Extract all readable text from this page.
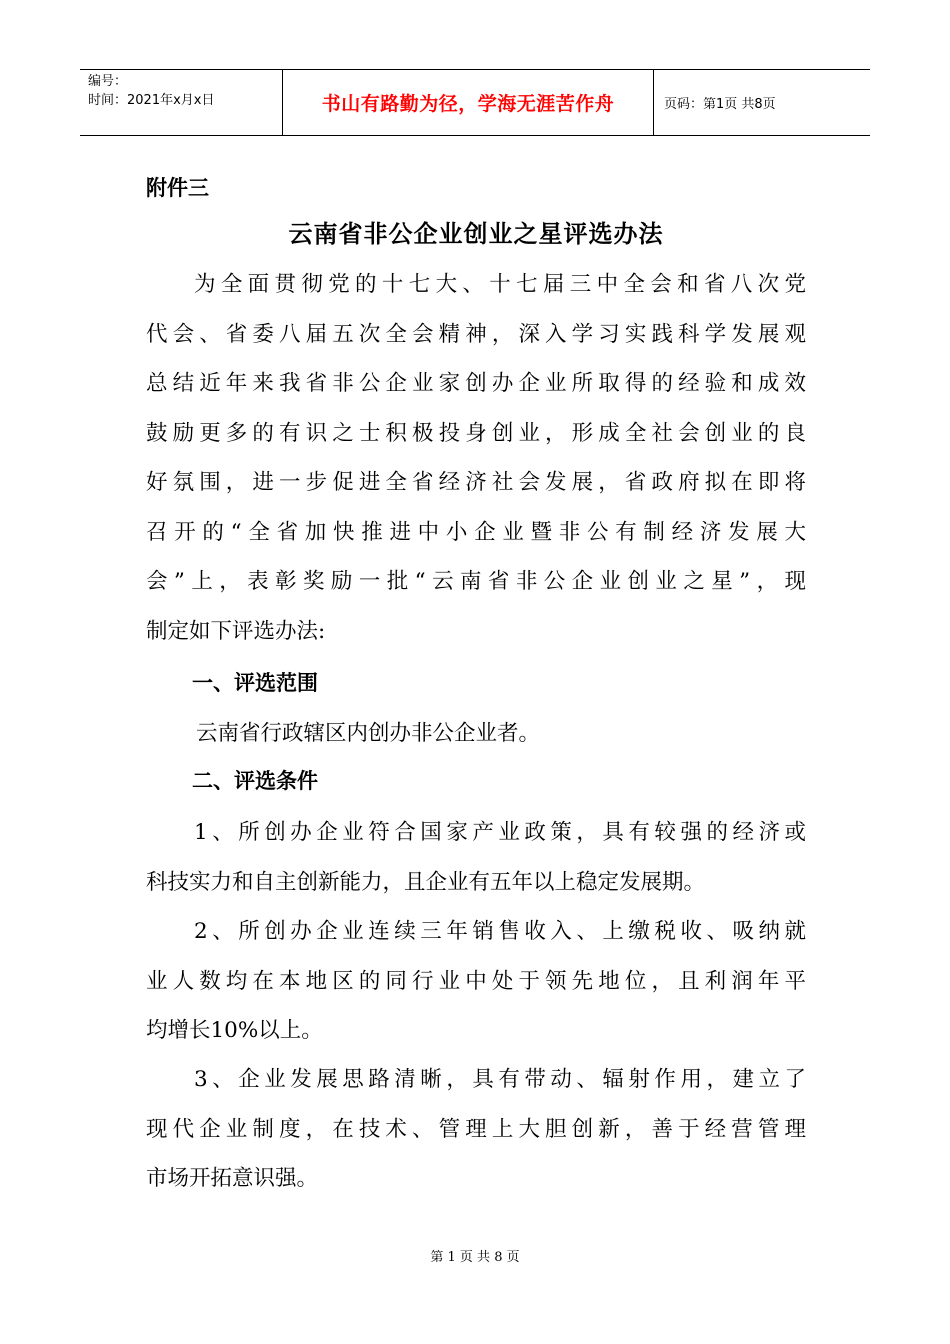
编号：
时间：2021年x月x日	书山有路勤为径，学海无涯苦作舟	页码：第1页 共8页
附件三
云南省非公企业创业之星评选办法
为全面贯彻党的十七大、十七届三中全会和省八次党
代会、省委八届五次全会精神，深入学习实践科学发展观
总结近年来我省非公企业家创办企业所取得的经验和成效
鼓励更多的有识之士积极投身创业，形成全社会创业的良
好氛围，进一步促进全省经济社会发展，省政府拟在即将
召开的“全省加快推进中小企业暨非公有制经济发展大
会”上，表彰奖励一批“云南省非公企业创业之星”，现
制定如下评选办法:
一、评选范围
云南省行政辖区内创办非公企业者。
二、评选条件
1、所创办企业符合国家产业政策，具有较强的经济或
科技实力和自主创新能力，且企业有五年以上稳定发展期。
2、所创办企业连续三年销售收入、上缴税收、吸纳就
业人数均在本地区的同行业中处于领先地位，且利润年平
均增长10%以上。
3、企业发展思路清晰，具有带动、辐射作用，建立了
现代企业制度，在技术、管理上大胆创新，善于经营管理
市场开拓意识强。
第 1 页 共 8 页
